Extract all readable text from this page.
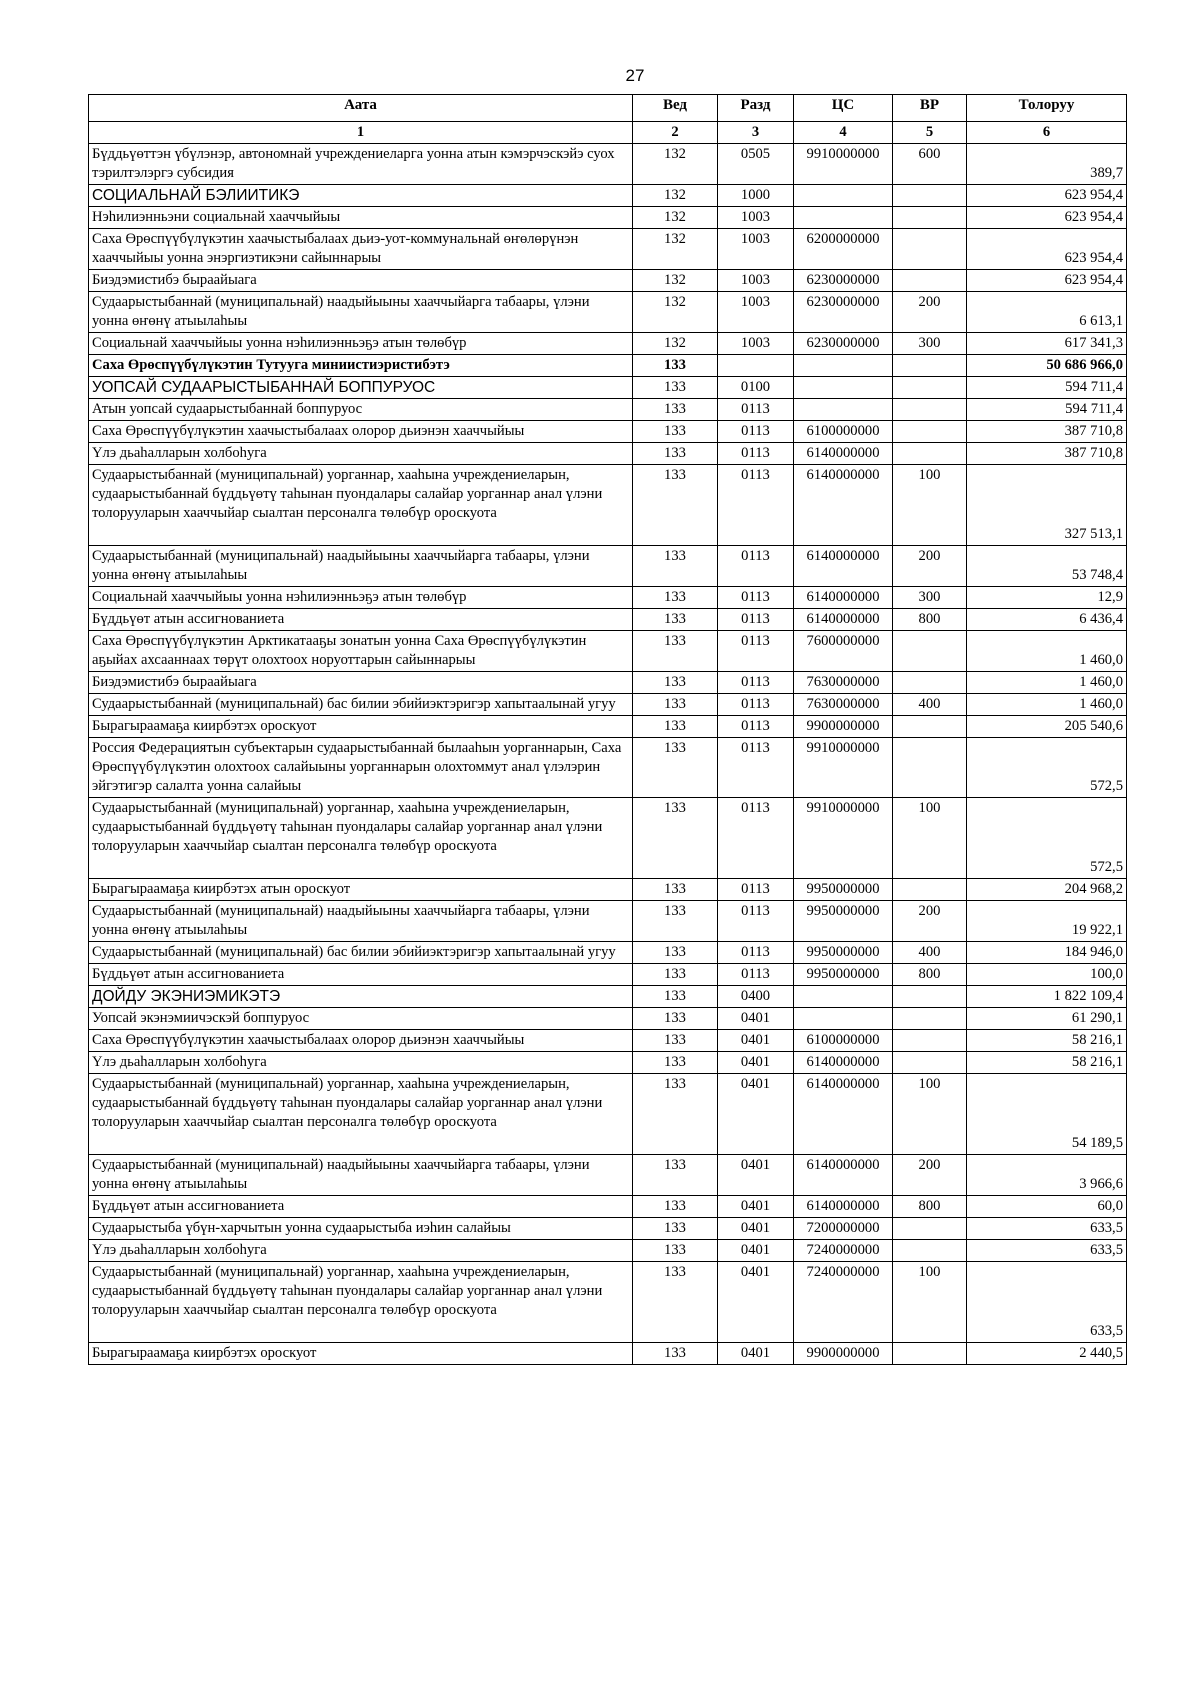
27
Аата	Вед	Разд	ЦС	ВР	Толоруу
1	2	3	4	5	6
Бүддьүөттэн үбүлэнэр, автономнай учреждениеларга уонна атын кэмэрчэскэйэ суох тэрилтэлэргэ субсидия	132	0505	9910000000	600	389,7
СОЦИАЛЬНАЙ БЭЛИИТИКЭ	132	1000			623 954,4
Нэһилиэнньэни социальнай хааччыйыы	132	1003			623 954,4
Саха Өрөспүүбүлүкэтин хаачыстыбалаах дьиэ-уот-коммунальнай өҥөлөрүнэн хааччыйыы уонна энэргиэтикэни сайыннарыы	132	1003	6200000000		623 954,4
Биэдэмистибэ быраайыага	132	1003	6230000000		623 954,4
Судаарыстыбаннай (муниципальнай) наадыйыыны хааччыйарга табаары, үлэни уонна өҥөнү атыылаһыы	132	1003	6230000000	200	6 613,1
Социальнай хааччыйыы уонна нэһилиэнньэҕэ атын төлөбүр	132	1003	6230000000	300	617 341,3
Саха Өрөспүүбүлүкэтин Тутууга миниистиэристибэтэ	133				50 686 966,0
УОПСАЙ СУДААРЫСТЫБАННАЙ БОППУРУОС	133	0100			594 711,4
Атын уопсай судаарыстыбаннай боппуруос	133	0113			594 711,4
Саха Өрөспүүбүлүкэтин хаачыстыбалаах олорор дьиэнэн хааччыйыы	133	0113	6100000000		387 710,8
Үлэ дьаһалларын холбоһуга	133	0113	6140000000		387 710,8
Судаарыстыбаннай (муниципальнай) уорганнар, хааһына учреждениеларын, судаарыстыбаннай бүддьүөтү таһынан пуондалары салайар уорганнар анал үлэни толорууларын хааччыйар сыалтан персоналга төлөбүр ороскуота	133	0113	6140000000	100	327 513,1
Судаарыстыбаннай (муниципальнай) наадыйыыны хааччыйарга табаары, үлэни уонна өҥөнү атыылаһыы	133	0113	6140000000	200	53 748,4
Социальнай хааччыйыы уонна нэһилиэнньэҕэ атын төлөбүр	133	0113	6140000000	300	12,9
Бүддьүөт атын ассигнованиета	133	0113	6140000000	800	6 436,4
Саха Өрөспүүбүлүкэтин Арктикатааҕы зонатын уонна Саха Өрөспүүбүлүкэтин аҕыйах ахсааннаах төрүт олохтоох норуоттарын сайыннарыы	133	0113	7600000000		1 460,0
Биэдэмистибэ быраайыага	133	0113	7630000000		1 460,0
Судаарыстыбаннай (муниципальнай) бас билии эбийиэктэригэр хапытаалынай угуу	133	0113	7630000000	400	1 460,0
Бырагыраамаҕа киирбэтэх ороскуот	133	0113	9900000000		205 540,6
Россия Федерациятын субъектарын судаарыстыбаннай былааһын уорганнарын, Саха Өрөспүүбүлүкэтин олохтоох салайыыны уорганнарын олохтоммут анал үлэлэрин эйгэтигэр салалта уонна салайыы	133	0113	9910000000		572,5
Судаарыстыбаннай (муниципальнай) уорганнар, хааһына учреждениеларын, судаарыстыбаннай бүддьүөтү таһынан пуондалары салайар уорганнар анал үлэни толорууларын хааччыйар сыалтан персоналга төлөбүр ороскуота	133	0113	9910000000	100	572,5
Бырагыраамаҕа киирбэтэх атын ороскуот	133	0113	9950000000		204 968,2
Судаарыстыбаннай (муниципальнай) наадыйыыны хааччыйарга табаары, үлэни уонна өҥөнү атыылаһыы	133	0113	9950000000	200	19 922,1
Судаарыстыбаннай (муниципальнай) бас билии эбийиэктэригэр хапытаалынай угуу	133	0113	9950000000	400	184 946,0
Бүддьүөт атын ассигнованиета	133	0113	9950000000	800	100,0
ДОЙДУ ЭКЭНИЭМИКЭТЭ	133	0400			1 822 109,4
Уопсай экэнэмиичэскэй боппуруос	133	0401			61 290,1
Саха Өрөспүүбүлүкэтин хаачыстыбалаах олорор дьиэнэн хааччыйыы	133	0401	6100000000		58 216,1
Үлэ дьаһалларын холбоһуга	133	0401	6140000000		58 216,1
Судаарыстыбаннай (муниципальнай) уорганнар, хааһына учреждениеларын, судаарыстыбаннай бүддьүөтү таһынан пуондалары салайар уорганнар анал үлэни толорууларын хааччыйар сыалтан персоналга төлөбүр ороскуота	133	0401	6140000000	100	54 189,5
Судаарыстыбаннай (муниципальнай) наадыйыыны хааччыйарга табаары, үлэни уонна өҥөнү атыылаһыы	133	0401	6140000000	200	3 966,6
Бүддьүөт атын ассигнованиета	133	0401	6140000000	800	60,0
Судаарыстыба үбүн-харчытын уонна судаарыстыба иэһин салайыы	133	0401	7200000000		633,5
Үлэ дьаһалларын холбоһуга	133	0401	7240000000		633,5
Судаарыстыбаннай (муниципальнай) уорганнар, хааһына учреждениеларын, судаарыстыбаннай бүддьүөтү таһынан пуондалары салайар уорганнар анал үлэни толорууларын хааччыйар сыалтан персоналга төлөбүр ороскуота	133	0401	7240000000	100	633,5
Бырагыраамаҕа киирбэтэх ороскуот	133	0401	9900000000		2 440,5
